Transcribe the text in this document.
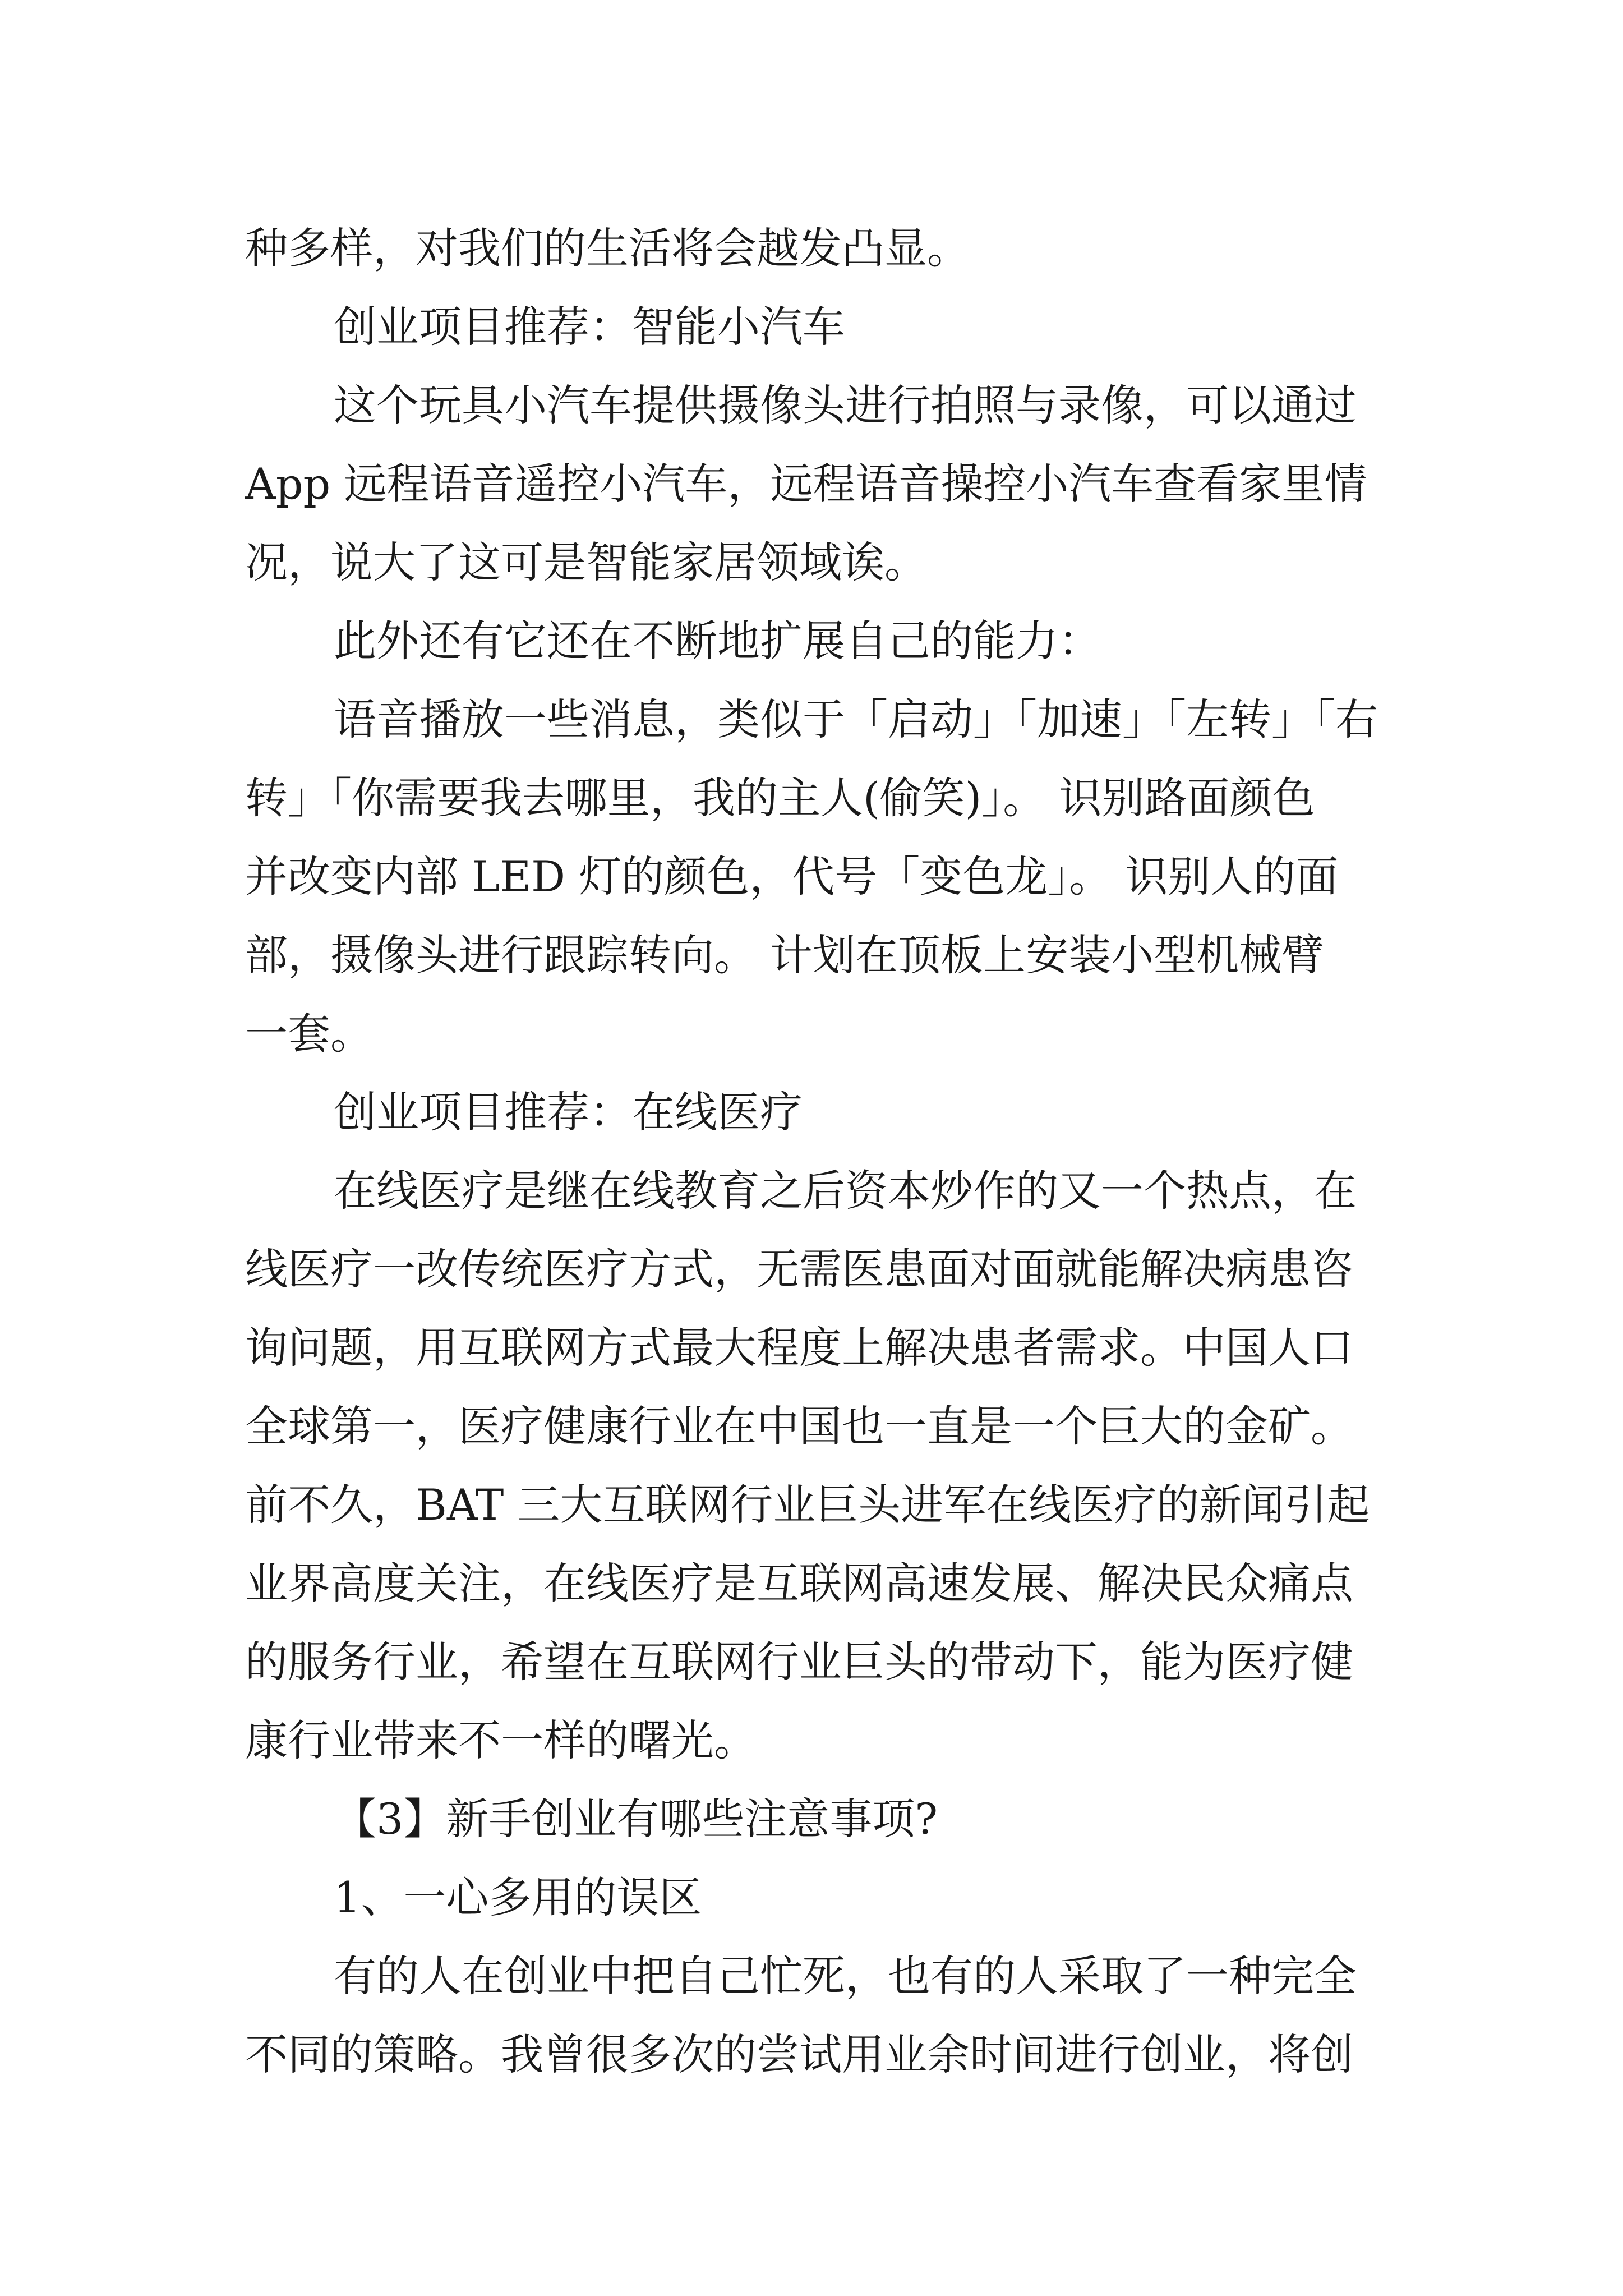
种多样，对我们的生活将会越发凸显。

创业项目推荐：智能小汽车

这个玩具小汽车提供摄像头进行拍照与录像，可以通过

App 远程语音遥控小汽车，远程语音操控小汽车查看家里情

况，说大了这可是智能家居领域诶。

此外还有它还在不断地扩展自己的能力：

语音播放一些消息，类似于「启动」「加速」「左转」「右

转」「你需要我去哪里，我的主人(偷笑)」。 识别路面颜色

并改变内部 LED 灯的颜色，代号「变色龙」。 识别人的面

部，摄像头进行跟踪转向。 计划在顶板上安装小型机械臂

一套。

创业项目推荐：在线医疗

在线医疗是继在线教育之后资本炒作的又一个热点，在

线医疗一改传统医疗方式，无需医患面对面就能解决病患咨

询问题，用互联网方式最大程度上解决患者需求。中国人口

全球第一，医疗健康行业在中国也一直是一个巨大的金矿。

前不久，BAT 三大互联网行业巨头进军在线医疗的新闻引起

业界高度关注，在线医疗是互联网高速发展、解决民众痛点

的服务行业，希望在互联网行业巨头的带动下，能为医疗健

康行业带来不一样的曙光。

【3】新手创业有哪些注意事项?

1、一心多用的误区

有的人在创业中把自己忙死，也有的人采取了一种完全

不同的策略。我曾很多次的尝试用业余时间进行创业，将创
